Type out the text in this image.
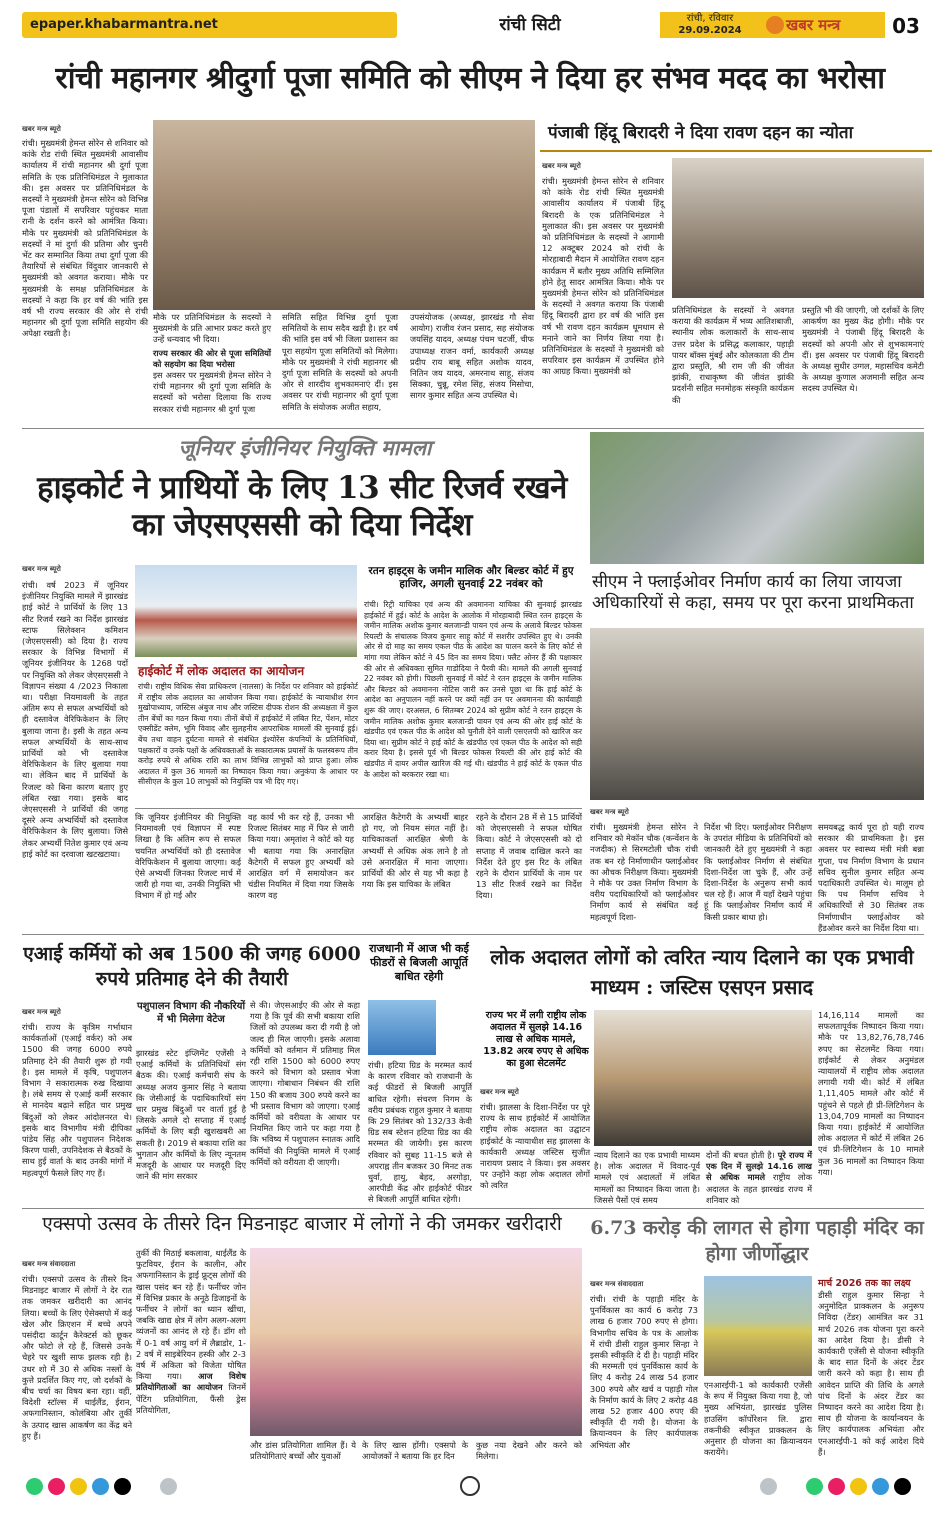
epaper.khabarmantra.net	रांची सिटी	रांची, रविवार
29.09.2024	खबर मन्त्र	03
रांची महानगर श्रीदुर्गा पूजा समिति को सीएम ने दिया हर संभव मदद का भरोसा
खबर मन्त्र ब्यूरो
रांची। मुख्यमंत्री हेमन्त सोरेन से शनिवार को कांके रोड रांची स्थित मुख्यमंत्री आवासीय कार्यालय में रांची महानगर श्री दुर्गा पूजा समिति के एक प्रतिनिधिमंडल ने मुलाकात की। इस अवसर पर प्रतिनिधिमंडल के सदस्यों ने मुख्यमंत्री हेमन्त सोरेन को विभिन्न पूजा पंडालों में सपरिवार पहुंचकर माता रानी के दर्शन करने को आमंत्रित किया। मौके पर मुख्यमंत्री को प्रतिनिधिमंडल के सदस्यों ने मां दुर्गा की प्रतिमा और चुनरी भेंट कर सम्मानित किया तथा दुर्गा पूजा की तैयारियों से संबंधित विंदुवार जानकारी से मुख्यमंत्री को अवगत कराया। मौके पर मुख्यमंत्री के समक्ष प्रतिनिधिमंडल के सदस्यों ने कहा कि हर वर्ष की भांति इस वर्ष भी राज्य सरकार की ओर से रांची महानगर श्री दुर्गा पूजा समिति सहयोग की अपेक्षा रखती है।
मौके पर प्रतिनिधिमंडल के सदस्यों ने मुख्यमंत्री के प्रति आभार प्रकट करते हुए उन्हें धन्यवाद भी दिया।
राज्य सरकार की ओर से पूजा समितियों को सहयोग का दिया भरोसा
इस अवसर पर मुख्यमंत्री हेमन्त सोरेन ने रांची महानगर श्री दुर्गा पूजा समिति के सदस्यों को भरोसा दिलाया कि राज्य सरकार रांची महानगर श्री दुर्गा पूजा
समिति सहित विभिन्न दुर्गा पूजा समितियों के साथ सदैव खड़ी है। हर वर्ष की भांति इस वर्ष भी जिला प्रशासन का पूरा सहयोग पूजा समितियों को मिलेगा। मौके पर मुख्यमंत्री ने रांची महानगर श्री दुर्गा पूजा समिति के सदस्यों को अपनी ओर से शारदीय शुभकामनाएं दीं। इस अवसर पर रांची महानगर श्री दुर्गा पूजा समिति के संयोजक अजीत सहाय,
उपसंयोजक (अध्यक्ष, झारखंड गौ सेवा आयोग) राजीव रंजन प्रसाद, सह संयोजक जयसिंह यादव, अध्यक्ष पंचम चटर्जी, चीफ उपाध्यक्ष राजन वर्मा, कार्यकारी अध्यक्ष प्रदीप राय बाबू सहित अशोक यादव, नितिन जय यादव, अमरनाथ साहू, संजय सिक्का, चुन्नू, रमेश सिंह, संजय मिसोचा, सागर कुमार सहित अन्य उपस्थित थे।
पंजाबी हिंदू बिरादरी ने दिया रावण दहन का न्योता
खबर मन्त्र ब्यूरो
रांची। मुख्यमंत्री हेमन्त सोरेन से शनिवार को कांके रोड रांची स्थित मुख्यमंत्री आवासीय कार्यालय में पंजाबी हिंदू बिरादरी के एक प्रतिनिधिमंडल ने मुलाकात की। इस अवसर पर मुख्यमंत्री को प्रतिनिधिमंडल के सदस्यों ने आगामी 12 अक्टूबर 2024 को रांची के मोरहाबादी मैदान में आयोजित रावण दहन कार्यक्रम में बतौर मुख्य अतिथि सम्मिलित होने हेतु सादर आमंत्रित किया। मौके पर मुख्यमंत्री हेमन्त सोरेन को प्रतिनिधिमंडल के सदस्यों ने अवगत कराया कि पंजाबी हिंदू बिरादरी द्वारा हर वर्ष की भांति इस वर्ष भी रावण दहन कार्यक्रम धूमधाम से मनाने जाने का निर्णय लिया गया है। प्रतिनिधिमंडल के सदस्यों ने मुख्यमंत्री को सपरिवार इस कार्यक्रम में उपस्थित होने का आग्रह किया। मुख्यमंत्री को
प्रतिनिधिमंडल के सदस्यों ने अवगत कराया की कार्यक्रम में भव्य आतिशबाजी, स्थानीय लोक कलाकारों के साथ-साथ उत्तर प्रदेश के प्रसिद्ध कलाकार, पहाड़ी पायर बॉक्स मुंबई और कोलकाता की टीम द्वारा प्रस्तुति, श्री राम जी की जीवंत झांकी, राधाकृष्ण की जीवंत झांकी प्रदर्शनी सहित मनमोहक संस्कृति कार्यक्रम की
प्रस्तुति भी की जाएगी, जो दर्शकों के लिए आकर्षण का मुख्य केंद्र होगी। मौके पर मुख्यमंत्री ने पंजाबी हिंदू बिरादरी के सदस्यों को अपनी ओर से शुभकामनाएं दीं। इस अवसर पर पंजाबी हिंदू बिरादरी के अध्यक्ष सुधीर उग्गल, महासचिव कमेटी के अध्यक्ष कुणाल अजमानी सहित अन्य सदस्य उपस्थित थे।
जूनियर इंजीनियर नियुक्ति मामला
हाइकोर्ट ने प्राथियों के लिए 13 सीट रिजर्व रखने का जेएसएससी को दिया निर्देश
खबर मन्त्र ब्यूरो
रांची। वर्ष 2023 में जूनियर इंजीनियर नियुक्ति मामले में झारखंड हाई कोर्ट ने प्रार्थियों के लिए 13 सीट रिजर्व रखने का निर्देश झारखंड स्टाफ सिलेक्शन कमिशन (जेएसएससी) को दिया है। राज्य सरकार के विभिन्न विभागों में जूनियर इंजीनियर के 1268 पदों पर नियुक्ति को लेकर जेएसएससी ने विज्ञापन संख्या 4 /2023 निकाला था। परीक्षा नियमावली के तहत अंतिम रूप से सफल अभ्यर्थियों को ही दस्तावेज वेरिफिकेशन के लिए बुलाया जाना है। इसी के तहत अन्य सफल अभ्यर्थियों के साथ-साथ प्रार्थियों को भी दस्तावेज वेरिफिकेशन के लिए बुलाया गया था। लेकिन बाद में प्रार्थियों के रिजल्ट को बिना कारण बताए हुए लंबित रखा गया। इसके बाद जेएसएससी ने प्रार्थियों की जगह दूसरे अन्य अभ्यर्थियों को दस्तावेज वेरिफिकेशन के लिए बुलाया। जिसे लेकर अभ्यर्थी नितेश कुमार एवं अन्य हाई कोर्ट का दरवाजा खटखटाया।
हाईकोर्ट में लोक अदालत का आयोजन
रांची। राष्ट्रीय विधिक सेवा प्राधिकरण (नालसा) के निर्देश पर शनिवार को हाईकोर्ट में राष्ट्रीय लोक अदालत का आयोजन किया गया। हाईकोर्ट के न्यायाधीश रंगन मुखोपाध्याय, जस्टिस अंबुज नाथ और जस्टिस दीपक रोशन की अध्यक्षता में कुल तीन बेंचों का गठन किया गया। तीनों बेंचों में हाईकोर्ट में लंबित रिट, पेंशन, मोटर एक्सीडेंट क्लेम, भूमि विवाद और सुलहनीय आपराधिक मामलों की सुनवाई हुई। बेंच तथा वाहन दुर्घटना मामले से संबंधित इंश्योरेंस कंपनियों के प्रतिनिधियों, पक्षकारों व उनके पक्षों के अधिवक्ताओं के सकारात्मक प्रयासों के फलस्वरूप तीन करोड़ रुपये से अधिक राशि का लाभ विभिन्न लाभुकों को प्राप्त हुआ। लोक अदालत में कुल 36 मामलों का निष्पादन किया गया। अनुकंपा के आधार पर सीसीएल के कुल 10 लाभुकों को नियुक्ति पत्र भी दिए गए।
रतन हाइट्स के जमीन मालिक और बिल्डर कोर्ट में हुए हाजिर, अगली सुनवाई 22 नवंबर को
रांची। रिट्री याचिका एवं अन्य की अवमानना याचिका की सुनवाई झारखंड हाईकोर्ट में हुई। कोर्ट के आदेश के आलोक में मोरहाबादी स्थित रतन हाइट्स के जमीन मालिक अशोक कुमार बलजान्डी पायन एवं अन्य के अलावे बिल्डर फोकस रियल्टी के संचालक विजय कुमार साहू कोर्ट में सशरीर उपस्थित हुए थे। उनकी ओर से दो माह का समय एकल पीठ के आदेश का पालन करने के लिए कोर्ट से मांगा गया लेकिन कोर्ट ने 45 दिन का समय दिया। फ्लैट ओनर हैं की पक्षाकार की ओर से अधिवक्ता सुमित गाडोदिया ने पैरवी की। मामले की अगली सुनवाई 22 नवंबर को होगी। पिछली सुनवाई में कोर्ट ने रतन हाइट्स के जमीन मालिक और बिल्डर को अवमानना नोटिस जारी कर उनसे पूछा था कि हाई कोर्ट के आदेश का अनुपालन नहीं करने पर क्यों नहीं उन पर अवमानना की कार्यवाही शुरू की जाए। दरअसल, 6 सितम्बर 2024 को सुप्रीम कोर्ट ने रतन हाइट्स के जमीन मालिक अशोक कुमार बलजान्डी पायन एवं अन्य की ओर हाई कोर्ट के खंडपीठ एवं एकल पीठ के आदेश को चुनौती देने वाली एसएलपी को खारिज कर दिया था। सुप्रीम कोर्ट ने हाई कोर्ट के खंडपीठ एवं एकल पीठ के आदेश को सही करार दिया है। इससे पूर्व भी बिल्डर फोकस रियल्टी की ओर हाई कोर्ट की खंडपीठ में दायर अपील खारिज की गई थी। खंडपीठ ने हाई कोर्ट के एकल पीठ के आदेश को बरकरार रखा था।
कि जूनियर इंजीनियर की नियुक्ति नियमावली एवं विज्ञापन में स्पष्ट लिखा है कि अंतिम रूप से सफल चयनित अभ्यर्थियों को ही दस्तावेज वेरिफिकेशन में बुलाया जाएगा। कई ऐसे अभ्यर्थी जिनका रिजल्ट मार्च में जारी हो गया था, उनकी नियुक्ति भी विभाग में हो गई और
वह कार्य भी कर रहे हैं, उनका भी रिजल्ट सितंबर माह में फिर से जारी किया गया। अमृतांश ने कोर्ट को यह भी बताया गया कि अनारक्षित कैटेगरी में सफल हुए अभ्यर्थी को आरक्षित वर्ग में समायोजन कर चंडीस नियमित में दिया गया जिसके कारण वह
आरक्षित कैटेगरी के अभ्यर्थी बाहर हो गए, जो नियम संगत नहीं है। याचिकाकर्ता आरक्षित श्रेणी के अभ्यर्थी से अधिक अंक लाने है तो उसे अनारक्षित में माना जाएगा। प्रार्थियों की ओर से यह भी कहा है गया कि इस याचिका के लंबित
रहने के दौरान 28 में से 15 प्रार्थियों को जेएसएससी ने सफल घोषित किया। कोर्ट ने जेएसएससी को दो सप्ताह में जवाब दाखिल करने का निर्देश देते हुए इस रिट के लंबित रहने के दौरान प्रार्थियों के नाम पर 13 सीट रिजर्व रखने का निर्देश दिया।
सीएम ने फ्लाईओवर निर्माण कार्य का लिया जायजा अधिकारियों से कहा, समय पर पूरा करना प्राथमिकता
खबर मन्त्र ब्यूरो
रांची। मुख्यमंत्री हेमन्त सोरेन ने शनिवार को मेकॉन चौक (कन्वेंशन के नजदीक) से सिरमटोली चौक रांची तक बन रहे निर्माणाधीन फ्लाईओवर का औचक निरीक्षण किया। मुख्यमंत्री ने मौके पर उक्त निर्माण विभाग के वरीय पदाधिकारियों को फ्लाईओवर निर्माण कार्य से संबंधित कई महत्वपूर्ण दिशा-
निर्देश भी दिए। फ्लाईओवर निरीक्षण के उपरांत मीडिया के प्रतिनिधियों को जानकारी देते हुए मुख्यमंत्री ने कहा कि फ्लाईओवर निर्माण से संबंधित दिशा-निर्देश जा चुके हैं, और उन्हें दिशा-निर्देश के अनुरूप सभी कार्य चल रहे हैं। आज मैं यहाँ देखने पहुंचा हूं कि फ्लाईओवर निर्माण कार्य में किसी प्रकार बाधा हो।
समयबद्ध कार्य पूरा हो यही राज्य सरकार की प्राथमिकता है। इस अवसर पर स्वास्थ्य मंत्री मंत्री बन्ना गुप्ता, पथ निर्माण विभाग के प्रधान सचिव सुनील कुमार सहित अन्य पदाधिकारी उपस्थित थे। मालूम हो कि पथ निर्माण सचिव ने अधिकारियों से 30 सितंबर तक निर्माणाधीन फ्लाईओवर को हैंडओवर करने का निर्देश दिया था।
एआई कर्मियों को अब 1500 की जगह 6000 रुपये प्रतिमाह देने की तैयारी
खबर मन्त्र ब्यूरो
रांची। राज्य के कृत्रिम गर्भाधान कार्यकर्ताओं (एआई वर्कर) को अब 1500 की जगह 6000 रुपये प्रतिमाह देने की तैयारी शुरू हो गयी है। इस मामले में कृषि, पशुपालन विभाग ने सकारात्मक रुख दिखाया है। लंबे समय से एआई कर्मी सरकार से मानदेय बढ़ाने सहित चार प्रमुख बिंदुओं को लेकर आंदोलनरत थे। इसके बाद विभागीय मंत्री दीपिका पांडेय सिंह और पशुपालन निदेशक किरण पासी, उपनिदेशक से बैठकों के साथ हुई वार्ता के बाद उनकी मांगों में महत्वपूर्ण फैसले लिए गए हैं।
पशुपालन विभाग की नौकरियों में भी मिलेगा वेटेज
झारखंड स्टेट इंप्लिमेंट एजेंसी ने एआई कर्मियों के प्रतिनिधियों संग बैठक की। एआई कर्मचारी संघ के अध्यक्ष अजय कुमार सिंह ने बताया कि जेसीआई के पदाधिकारियों संग चार प्रमुख बिंदुओं पर वार्ता हुई है जिसके अगले दो सप्ताह में एआई कर्मियों के लिए बड़ी खुशखबरी आ सकती है। 2019 से बकाया राशि का भुगतान और कर्मियों के लिए न्यूनतम मजदूरी के आधार पर मजदूरी दिए जाने की मांग सरकार
से की। जेएसआईए की ओर से कहा गया है कि पूर्व की सभी बकाया राशि जिलों को उपलब्ध करा दी गयी है जो जल्द ही मिल जाएगी। इसके अलावा कर्मियों को वर्तमान में प्रतिमाह मिल रही राशि 1500 को 6000 रुपए करने को विभाग को प्रस्ताव भेजा जाएगा। गोबाधान निबंधन की राशि 150 की बजाय 300 रुपये करने का भी प्रस्ताव विभाग को जाएगा। एआई कर्मियों को वरीयता के आधार पर नियमित किए जाने पर कहा गया है कि भविष्य में पशुपालन स्नातक आदि कर्मियों की नियुक्ति मामले में एआई कर्मियों को वरीयता दी जाएगी।
राजधानी में आज भी कई फीडरों से बिजली आपूर्ति बाधित रहेगी
रांची। हटिया ग्रिड के मरम्मत कार्य के कारण रविवार को राजधानी के कई फीडरों से बिजली आपूर्ति बाधित रहेगी। संचरण निगम के वरीय प्रबंधक राहुल कुमार ने बताया कि 29 सितंबर को 132/33 केवी ग्रिड सब स्टेशन हटिया ग्रिड का की मरम्मत की जायेगी। इस कारण रविवार को सुबह 11-15 बजे से अपराह्न तीन बजकर 30 मिनट तक धुर्वा, हाथु, बेहद, अरगोड़ा, आरपीडी केंद्र और हाईकोर्ट फीडर से बिजली आपूर्ति बाधित रहेगी।
लोक अदालत लोगों को त्वरित न्याय दिलाने का एक प्रभावी माध्यम : जस्टिस एसएन प्रसाद
राज्य भर में लगी राष्ट्रीय लोक अदालत में सुलझे 14.16 लाख से अधिक मामले, 13.82 अरब रुपए से अधिक का हुआ सेटलमेंट
खबर मन्त्र ब्यूरो
रांची। झालसा के दिशा-निर्देश पर पूरे राज्य के साथ हाईकोर्ट में आयोजित राष्ट्रीय लोक अदालत का उद्घाटन हाईकोर्ट के न्यायाधीश सह झालसा के कार्यकारी अध्यक्ष जस्टिस सुजीत नारायण प्रसाद ने किया। इस अवसर पर उन्होंने कहा लोक अदालत लोगों को त्वरित
न्याय दिलाने का एक प्रभावी माध्यम है। लोक अदालत में विवाद-पूर्व मामले एवं अदालतों में लंबित मामलों का निष्पादन किया जाता है। जिससे पैसों एवं समय
दोनों की बचत होती है। पूरे राज्य में एक दिन में सुलझे 14.16 लाख से अधिक मामले राष्ट्रीय लोक अदालत के तहत झारखंड राज्य में शनिवार को
14,16,114 मामलों का सफलतापूर्वक निष्पादन किया गया। मौके पर 13,82,76,78,746 रुपए का सेटलमेंट किया गया। हाईकोर्ट से लेकर अनुमंडल न्यायालयों में राष्ट्रीय लोक अदालत लगायी गयी थी। कोर्ट में लंबित 1,11,405 मामले और कोर्ट में पहुंचने से पहले ही प्री-लिटिगेशन के 13,04,709 मामलों का निष्पादन किया गया। हाईकोर्ट में आयोजित लोक अदालत में कोर्ट में लंबित 26 एवं प्री-लिटिगेशन के 10 मामले कुल 36 मामलों का निष्पादन किया गया।
एक्सपो उत्सव के तीसरे दिन मिडनाइट बाजार में लोगों ने की जमकर खरीदारी
खबर मन्त्र संवाददाता
रांची। एक्सपो उत्सव के तीसरे दिन मिडनाइट बाजार में लोगों ने देर रात तक जमकर खरीदारी का आनंद लिया। बच्चों के लिए ऐसेक्सपो में कई खेल और क्रिएशन में बच्चे अपने पसंदीदा कार्टून कैरेक्टर्स को छूकर और फोटो ले रहे हैं, जिससे उनके चेहरे पर खुशी साफ झलक रही है। उधर शो में 30 से अधिक नस्लों के कुत्ते प्रदर्शित किए गए, जो दर्शकों के बीच चर्चा का विषय बना रहा। वहीं, विदेशी स्टॉल्स में थाईलैंड, ईरान, अफगानिस्तान, कोलंबिया और तुर्की के उत्पाद खास आकर्षण का केंद्र बने हुए हैं।
तुर्की की मिठाई बकलावा, थाईलैंड के फुटवियर, ईरान के कालीन, और अफगानिस्तान के ड्राई फ्रूट्स लोगों की खास पसंद बन रहे हैं। फर्नीचर जोन में विभिन्न प्रकार के अनूठे डिजाइनों के फर्नीचर ने लोगों का ध्यान खींचा, जबकि खाद्य क्षेत्र में लोग अलग-अलग व्यंजनों का आनंद ले रहे हैं। डॉग शो में 0-1 वर्ष आयु वर्ग में लैब्राडोर, 1-2 वर्ष में साइबेरियन हस्की और 2-3 वर्ष में अकिता को विजेता घोषित किया गया। आज विशेष प्रतियोगिताओं का आयोजन जिनमें पेंटिंग प्रतियोगिता, फैंसी ड्रेस प्रतियोगिता,
और डांस प्रतियोगिता शामिल हैं। ये प्रतियोगिताएं बच्चों और युवाओं
के लिए खास होंगी। एक्सपो के आयोजकों ने बताया कि हर दिन
कुछ नया देखने और करने को मिलेगा।
6.73 करोड़ की लागत से होगा पहाड़ी मंदिर का होगा जीर्णोद्धार
खबर मन्त्र संवाददाता
रांची। रांची के पहाड़ी मंदिर के पुनर्विकास का कार्य 6 करोड़ 73 लाख 6 हजार 700 रुपए से होगा। विभागीय सचिव के पत्र के आलोक में रांची डीसी राहुल कुमार सिन्हा ने इसकी स्वीकृति दे दी है। पहाड़ी मंदिर की मरम्मती एवं पुनर्विकास कार्य के लिए 4 करोड़ 24 लाख 54 हजार 300 रुपये और खर्च व पहाड़ी गोल के निर्माण कार्य के लिए 2 करोड़ 48 लाख 52 हजार 400 रुपए की स्वीकृति दी गयी है। योजना के क्रियान्वयन के लिए कार्यपालक अभियंता और
एनआरईपी-1 को कार्यकारी एजेंसी के रूप में नियुक्त किया गया है, जो मुख्य अभियंता, झारखंड पुलिस हाउसिंग कॉर्पोरेशन लि. द्वारा तकनीकी स्वीकृत प्राक्कलन के अनुसार ही योजना का क्रियान्वयन करायेंगे।
मार्च 2026 तक का लक्ष्य
डीसी राहुल कुमार सिन्हा ने अनुमोदित प्राक्कलन के अनुरूप निविदा (टेंडर) आमंत्रित कर 31 मार्च 2026 तक योजना पूरा करने का आदेश दिया है। डीसी ने कार्यकारी एजेंसी से योजना स्वीकृति के बाद सात दिनों के अंदर टेंडर जारी करने को कहा है। साथ ही आवेदन प्राप्ति की तिथि के अगले पांच दिनों के अंदर टेंडर का निष्पादन करने का आदेश दिया है। साथ ही योजना के कार्यान्वयन के लिए कार्यपालक अभियंता और एनआरईपी-1 को कई आदेश दिये हैं।
